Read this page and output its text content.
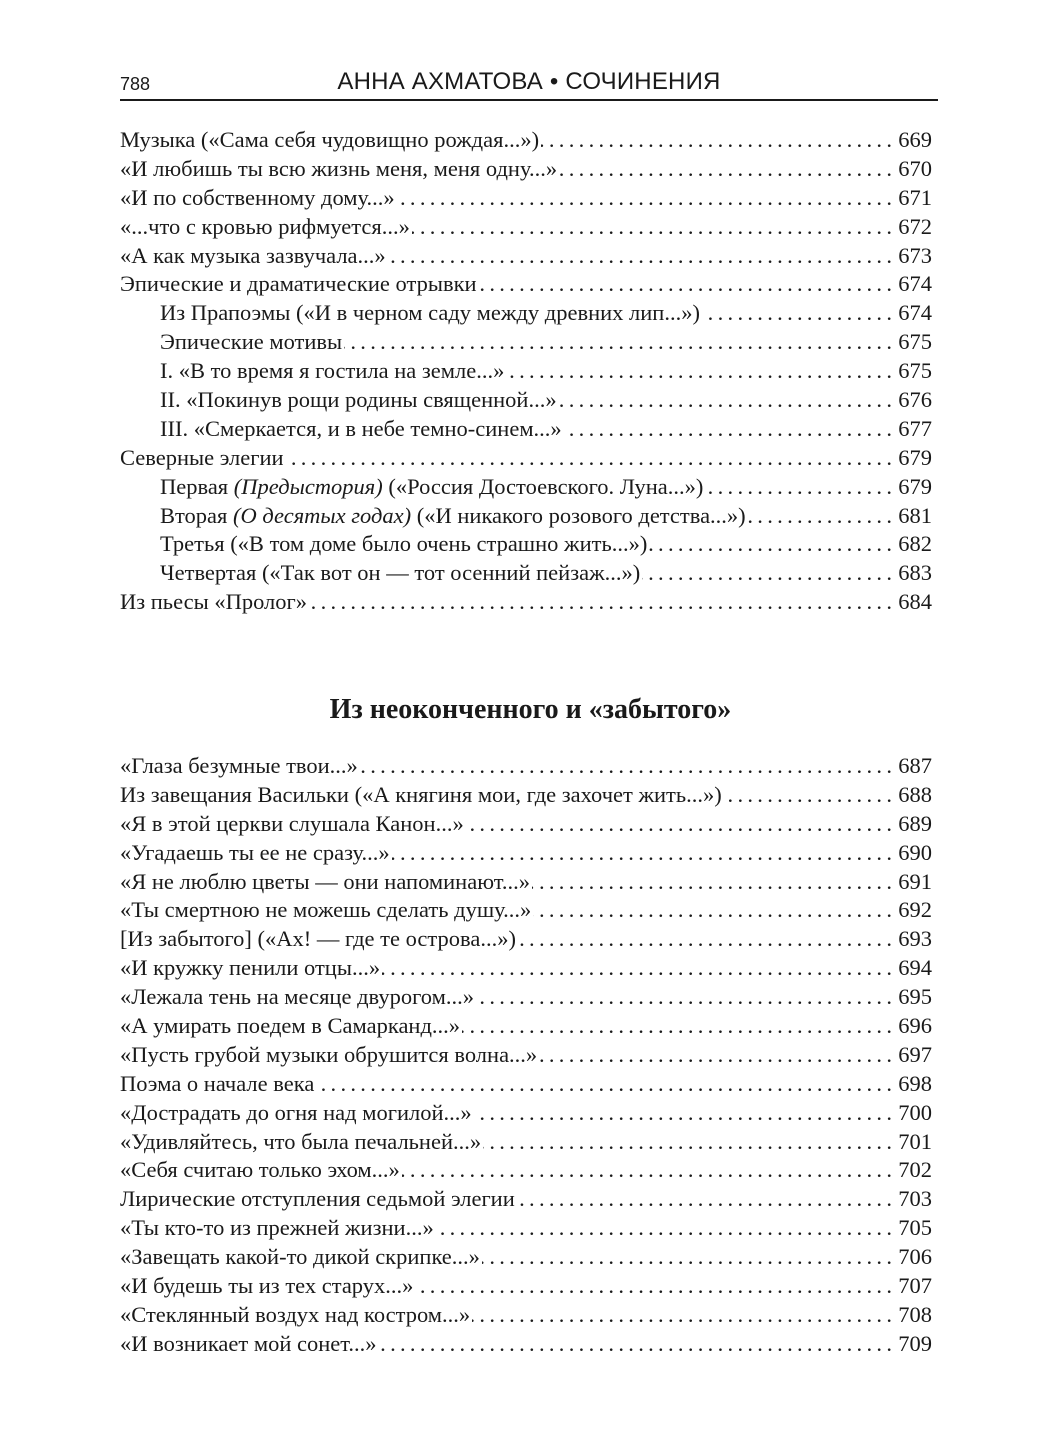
788	АННА АХМАТОВА • СОЧИНЕНИЯ
Музыка («Сама себя чудовищно рождая...») .....	669
«И любишь ты всю жизнь меня, меня одну...» .....	670
«И по собственному дому...» .....	671
«...что с кровью рифмуется...» .....	672
«А как музыка зазвучала...» .....	673
Эпические и драматические отрывки .....	674
Из Прапоэмы («И в черном саду между древних лип...») .....	674
Эпические мотивы .....	675
I. «В то время я гостила на земле...» .....	675
II. «Покинув рощи родины священной...» .....	676
III. «Смеркается, и в небе темно-синем...» .....	677
Северные элегии .....	679
Первая (Предыстория) («Россия Достоевского. Луна...») .....	679
Вторая (О десятых годах) («И никакого розового детства...») .....	681
Третья («В том доме было очень страшно жить...») .....	682
Четвертая («Так вот он — тот осенний пейзаж...») .....	683
Из пьесы «Пролог» .....	684
Из неоконченного и «забытого»
«Глаза безумные твои...» .....	687
Из завещания Васильки («А княгиня мои, где захочет жить...») .....	688
«Я в этой церкви слушала Канон...» .....	689
«Угадаешь ты ее не сразу...» .....	690
«Я не люблю цветы — они напоминают...» .....	691
«Ты смертною не можешь сделать душу...» .....	692
[Из забытого] («Ах! — где те острова...») .....	693
«И кружку пенили отцы...» .....	694
«Лежала тень на месяце двурогом...» .....	695
«А умирать поедем в Самарканд...» .....	696
«Пусть грубой музыки обрушится волна...» .....	697
Поэма о начале века .....	698
«Дострадать до огня над могилой...» .....	700
«Удивляйтесь, что была печальней...» .....	701
«Себя считаю только эхом...» .....	702
Лирические отступления седьмой элегии .....	703
«Ты кто-то из прежней жизни...» .....	705
«Завещать какой-то дикой скрипке...» .....	706
«И будешь ты из тех старух...» .....	707
«Стеклянный воздух над костром...» .....	708
«И возникает мой сонет...» .....	709
